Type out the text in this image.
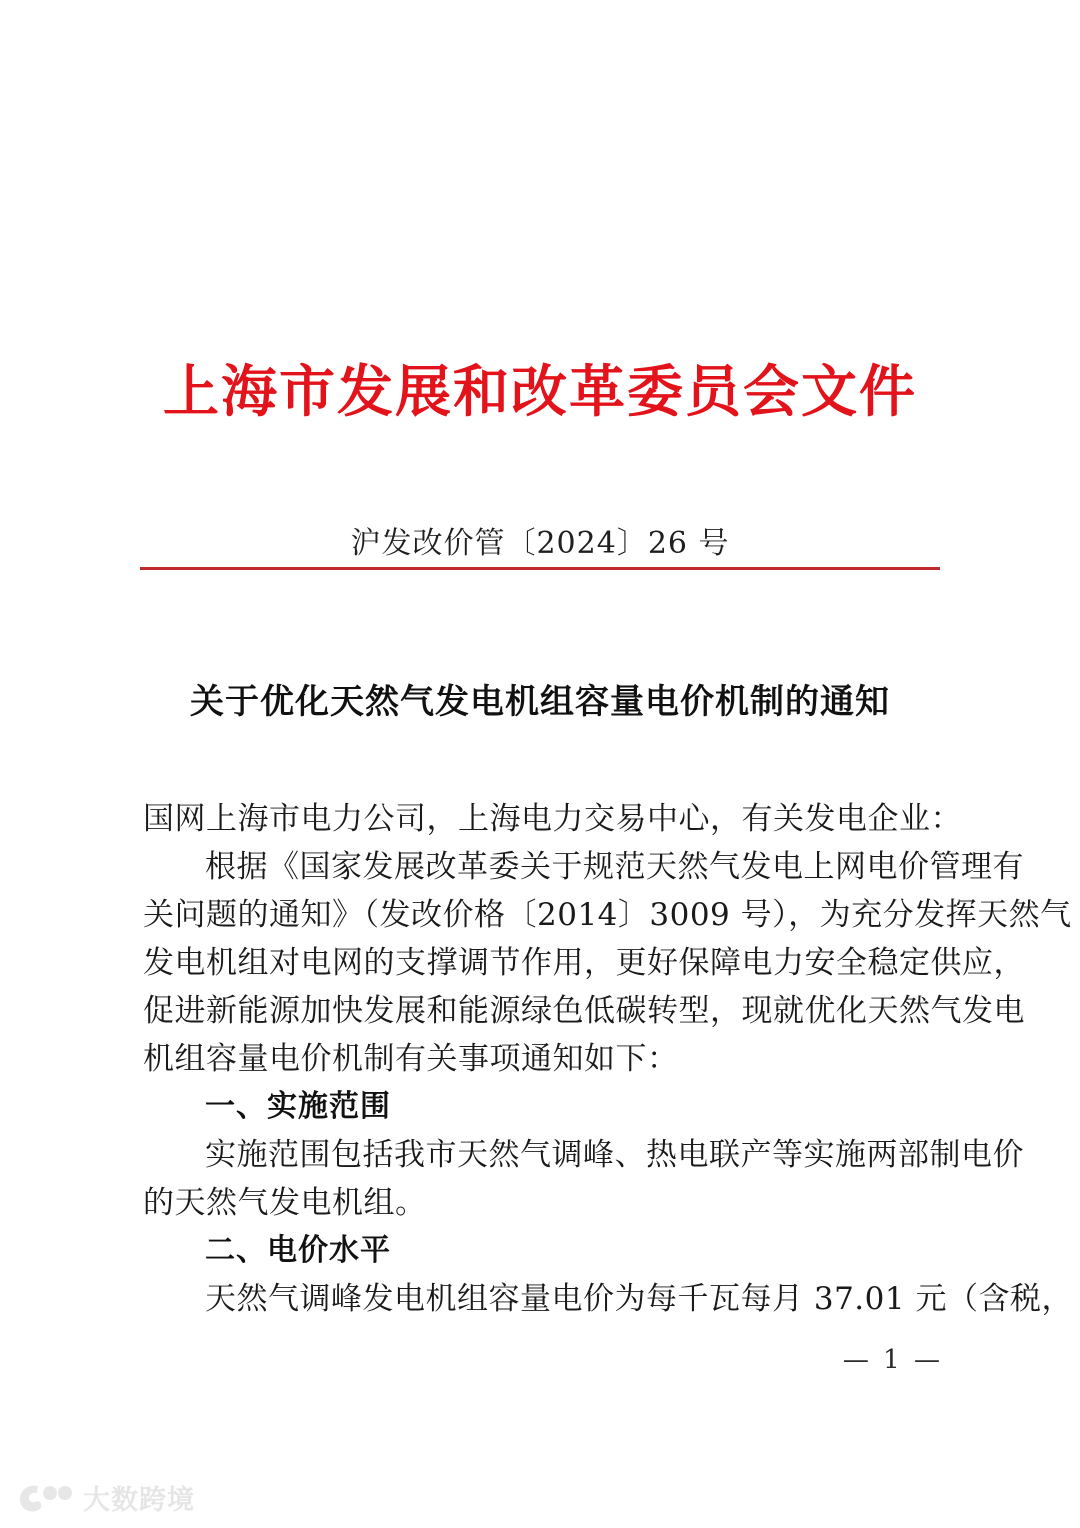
上海市发展和改革委员会文件
沪发改价管〔2024〕26 号
关于优化天然气发电机组容量电价机制的通知
国网上海市电力公司，上海电力交易中心，有关发电企业：
根据《国家发展改革委关于规范天然气发电上网电价管理有
关问题的通知》（发改价格〔2014〕3009 号），为充分发挥天然气
发电机组对电网的支撑调节作用，更好保障电力安全稳定供应，
促进新能源加快发展和能源绿色低碳转型，现就优化天然气发电
机组容量电价机制有关事项通知如下：
一、实施范围
实施范围包括我市天然气调峰、热电联产等实施两部制电价
的天然气发电机组。
二、电价水平
天然气调峰发电机组容量电价为每千瓦每月 37.01 元（含税，
— 1 —
大数跨境
